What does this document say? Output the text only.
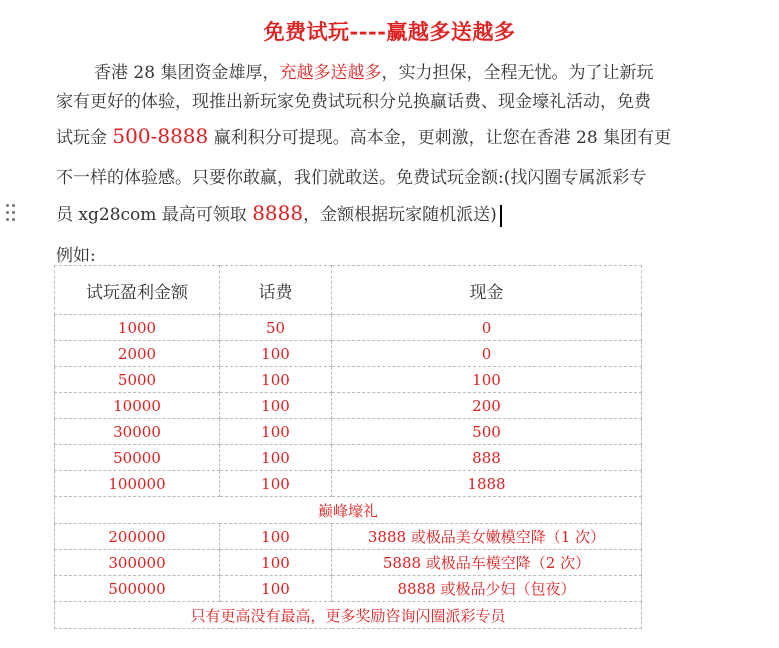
免费试玩----赢越多送越多
香港 28 集团资金雄厚，充越多送越多，实力担保，全程无忧。为了让新玩
家有更好的体验，现推出新玩家免费试玩积分兑换赢话费、现金壕礼活动，免费
试玩金 500-8888 赢利积分可提现。高本金，更刺激，让您在香港 28 集团有更
不一样的体验感。只要你敢赢，我们就敢送。免费试玩金额:(找闪圈专属派彩专
员 xg28com 最高可领取 8888，金额根据玩家随机派送)
例如:
试玩盈利金额	话费	现金
1000	50	0
2000	100	0
5000	100	100
10000	100	200
30000	100	500
50000	100	888
100000	100	1888
巅峰壕礼		
200000	100	3888 或极品美女嫩模空降（1 次）
300000	100	5888 或极品车模空降（2 次）
500000	100	8888 或极品少妇（包夜）
只有更高没有最高，更多奖励咨询闪圈派彩专员		
